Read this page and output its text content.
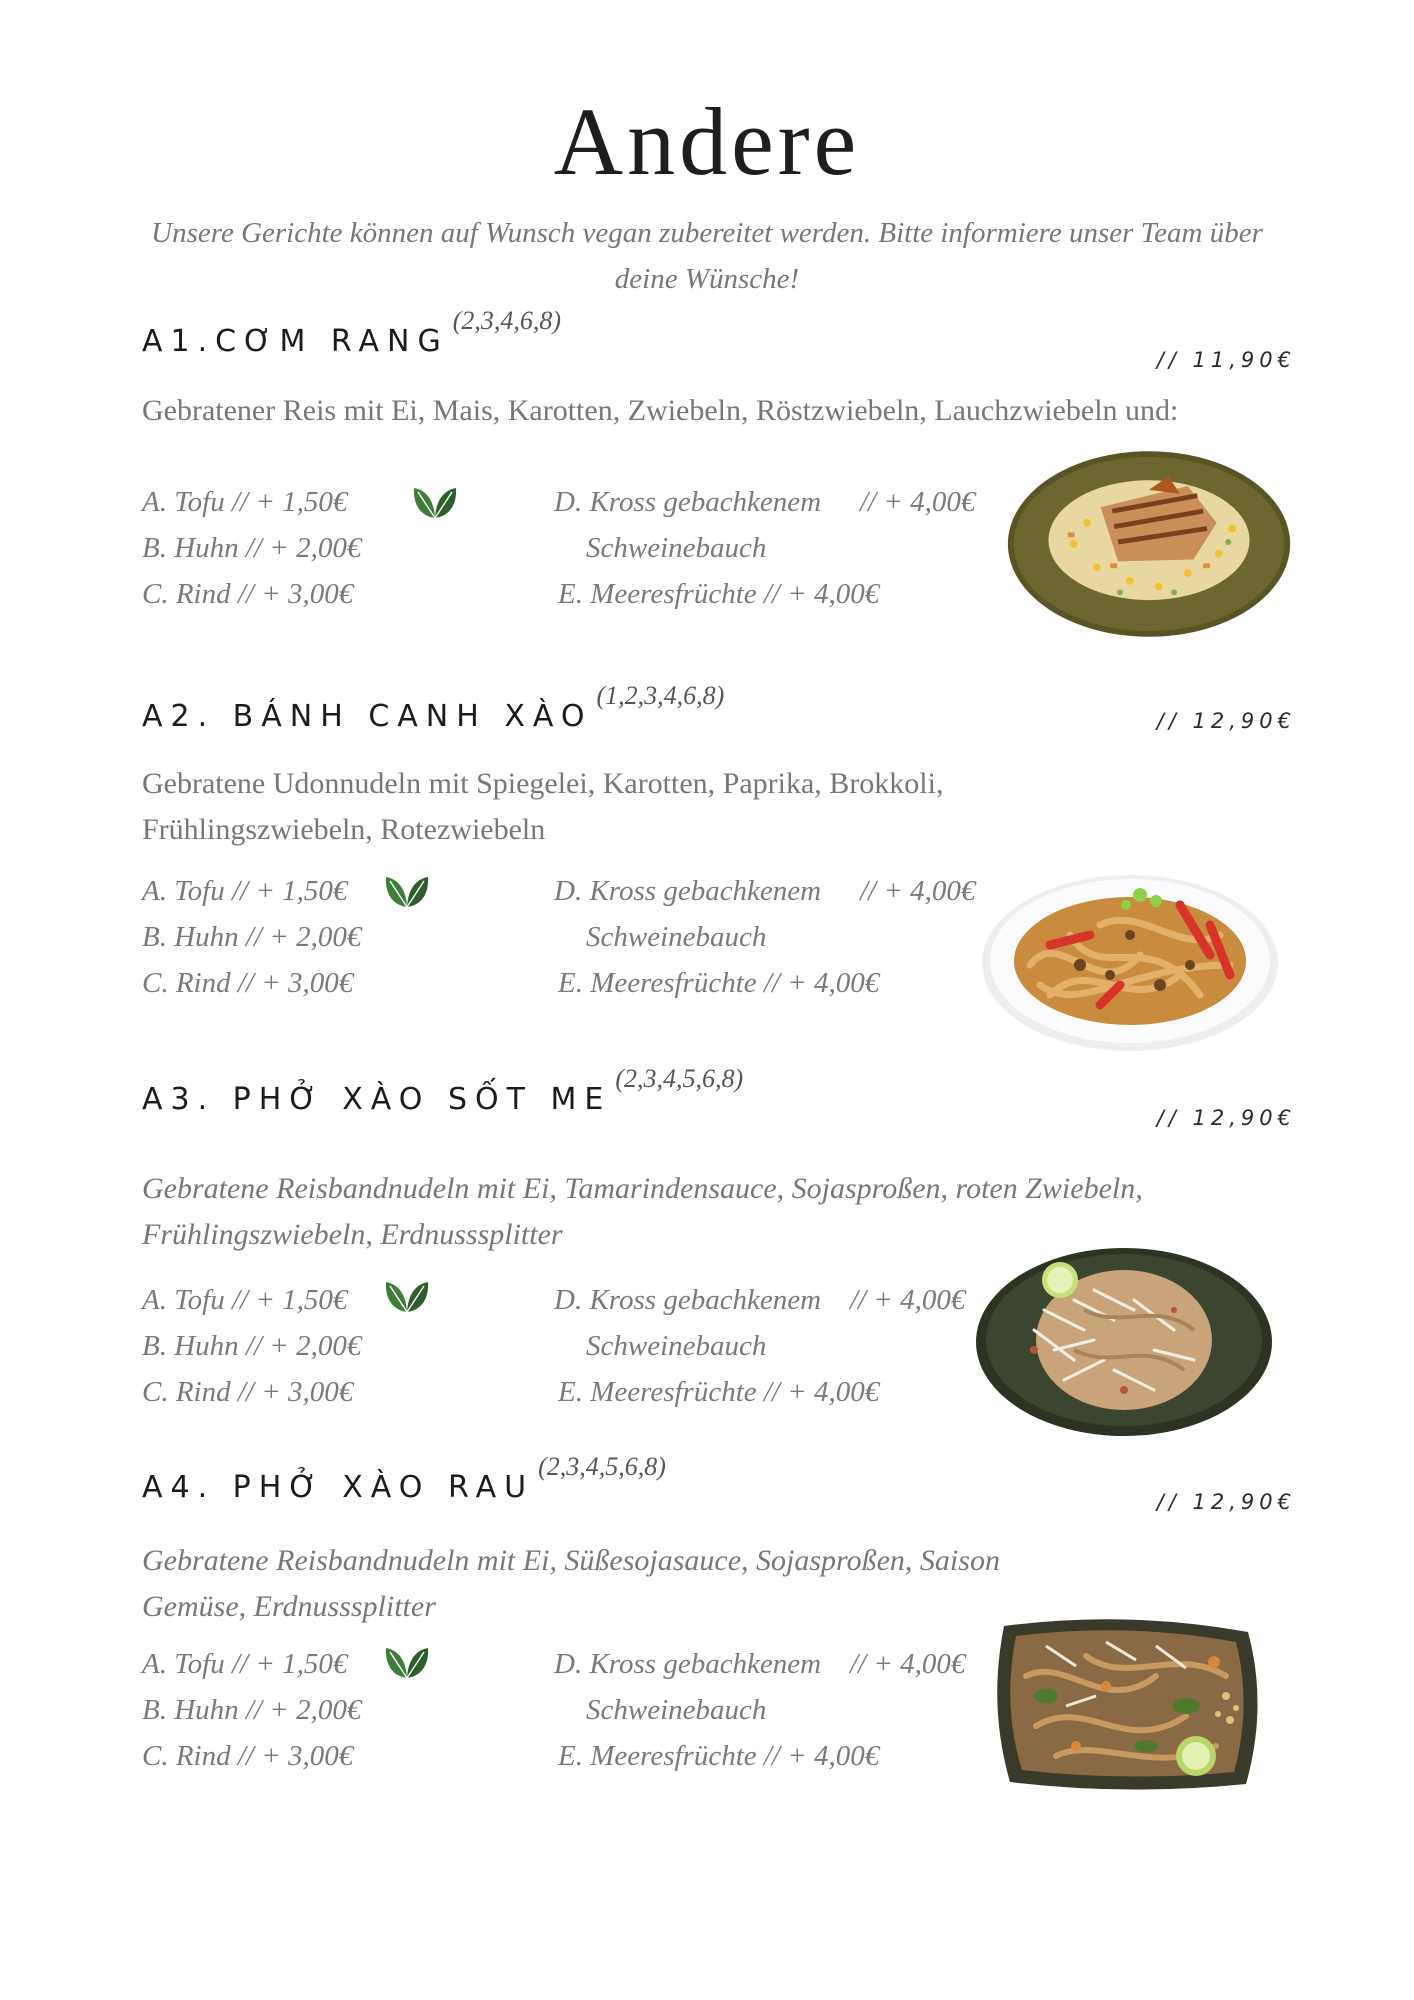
Andere
Unsere Gerichte können auf Wunsch vegan zubereitet werden. Bitte informiere unser Team über deine Wünsche!
A1.CƠM RANG(2,3,4,6,8)
// 11,90€
Gebratener Reis mit Ei, Mais, Karotten, Zwiebeln, Röstzwiebeln, Lauchzwiebeln und:
A. Tofu // + 1,50€
B. Huhn // + 2,00€
C. Rind // + 3,00€
D. Kross gebachkenem // + 4,00€
Schweinebauch
E. Meeresfrüchte // + 4,00€
A2. BÁNH CANH XÀO(1,2,3,4,6,8)
// 12,90€
Gebratene Udonnudeln mit Spiegelei, Karotten, Paprika, Brokkoli, Frühlingszwiebeln, Rotezwiebeln
A. Tofu // + 1,50€
B. Huhn // + 2,00€
C. Rind // + 3,00€
D. Kross gebachkenem // + 4,00€
Schweinebauch
E. Meeresfrüchte // + 4,00€
A3. PHỞ XÀO SỐT ME(2,3,4,5,6,8)
// 12,90€
Gebratene Reisbandnudeln mit Ei, Tamarindensauce, Sojasproßen, roten Zwiebeln, Frühlingszwiebeln, Erdnusssplitter
A. Tofu // + 1,50€
B. Huhn // + 2,00€
C. Rind // + 3,00€
D. Kross gebachkenem // + 4,00€
Schweinebauch
E. Meeresfrüchte // + 4,00€
A4. PHỞ XÀO RAU(2,3,4,5,6,8)
// 12,90€
Gebratene Reisbandnudeln mit Ei, Süßesojasauce, Sojasproßen, Saison Gemüse, Erdnusssplitter
A. Tofu // + 1,50€
B. Huhn // + 2,00€
C. Rind // + 3,00€
D. Kross gebachkenem // + 4,00€
Schweinebauch
E. Meeresfrüchte // + 4,00€
